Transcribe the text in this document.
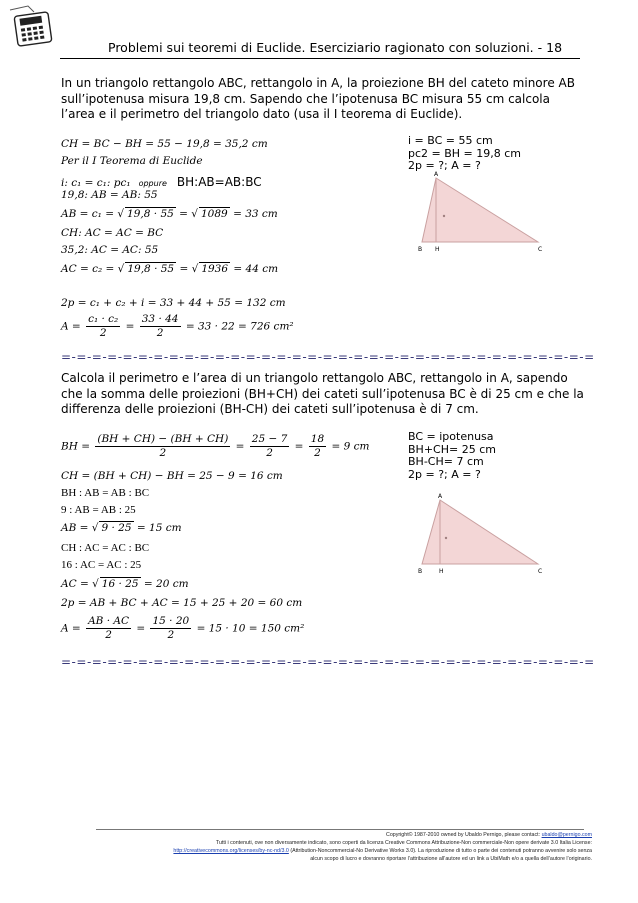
Problemi sui teoremi di Euclide. Eserciziario ragionato con soluzioni. - 18
In un triangolo rettangolo ABC, rettangolo in A, la proiezione BH del cateto minore AB
sull’ipotenusa misura 19,8 cm. Sapendo che l’ipotenusa BC misura 55 cm calcola
l’area e il perimetro del triangolo dato (usa il I teorema di Euclide).
i = BC = 55 cm
pc2 = BH = 19,8 cm
2p = ?; A = ?
A
B H	C
CH = BC − BH = 55 − 19,8 = 35,2 cm
Per il I Teorema di Euclide
i: c₁ = c₁: pc₁ oppure BH:AB=AB:BC
19,8: AB = AB: 55
AB = c₁ = √ 19,8 · 55 = √ 1089 = 33 cm
CH: AC = AC = BC
35,2: AC = AC: 55
AC = c₂ = √ 19,8 · 55 = √ 1936 = 44 cm
2p = c₁ + c₂ + i = 33 + 44 + 55 = 132 cm
$A = \frac{\text{c₁ · c₂}}{2} = \frac{33 \cdot 44}{2} = 33 \cdot 22 = 726$ cm²
=-=-=-=-=-=-=-=-=-=-=-=-=-=-=-=-=-=-=-=-=-=-=-=-=-=-=-=-=-=-=-=-=-=-=
Calcola il perimetro e l’area di un triangolo rettangolo ABC, rettangolo in A, sapendo
che la somma delle proiezioni (BH+CH) dei cateti sull’ipotenusa BC è di 25 cm e che la
differenza delle proiezioni (BH-CH) dei cateti sull’ipotenusa è di 7 cm.
BC = ipotenusa
BH+CH= 25 cm
BH-CH= 7 cm
2p = ?; A = ?
A
B	H	C
BH = $\frac{(BH + CH) - (BH + CH)}{2} = \frac{25 - 7}{2} = \frac{18}{2} = 9$ cm
CH = (BH + CH) − BH = 25 − 9 = 16 cm
BH : AB = AB : BC
9 : AB = AB : 25
AB = √ 9 · 25 = 15 cm
CH : AC = AC : BC
16 : AC = AC : 25
AC = √ 16 · 25 = 20 cm
2p = AB + BC + AC = 15 + 25 + 20 = 60 cm
$A = \frac{AB \cdot AC}{2} = \frac{15 \cdot 20}{2} = 15 \cdot 10 = 150$ cm²
=-=-=-=-=-=-=-=-=-=-=-=-=-=-=-=-=-=-=-=-=-=-=-=-=-=-=-=-=-=-=-=-=-=-=
Copyright© 1987-2010 owned by Ubaldo Pernigo, please contact: ubaldo@pernigo.com
Tutti i contenuti, ove non diversamente indicato, sono coperti da licenza Creative Commons Attribuzione-Non commerciale-Non opere derivate 3.0 Italia License:
http://creativecommons.org/licenses/by-nc-nd/3.0 (Attribution-Noncommercial-No Derivative Works 3.0). La riproduzione di tutto o parte dei contenuti potranno avvenire solo senza
alcun scopo di lucro e dovranno riportare l’attribuzione all’autore ed un link a UbiMath e/o a quella dell’autore l’originario.
